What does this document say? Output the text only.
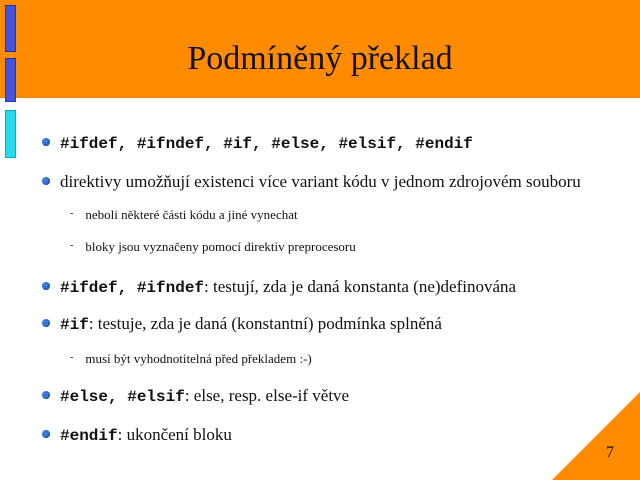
Podmíněný překlad
#ifdef, #ifndef, #if, #else, #elsif, #endif
direktivy umožňují existenci více variant kódu v jednom zdrojovém souboru
- neboli některé části kódu a jiné vynechat
- bloky jsou vyznačeny pomocí direktiv preprocesoru
#ifdef, #ifndef: testují, zda je daná konstanta (ne)definována
#if: testuje, zda je daná (konstantní) podmínka splněná
- musí být vyhodnotitelná před překladem :-)
#else, #elsif: else, resp. else-if větve
#endif: ukončení bloku
7
